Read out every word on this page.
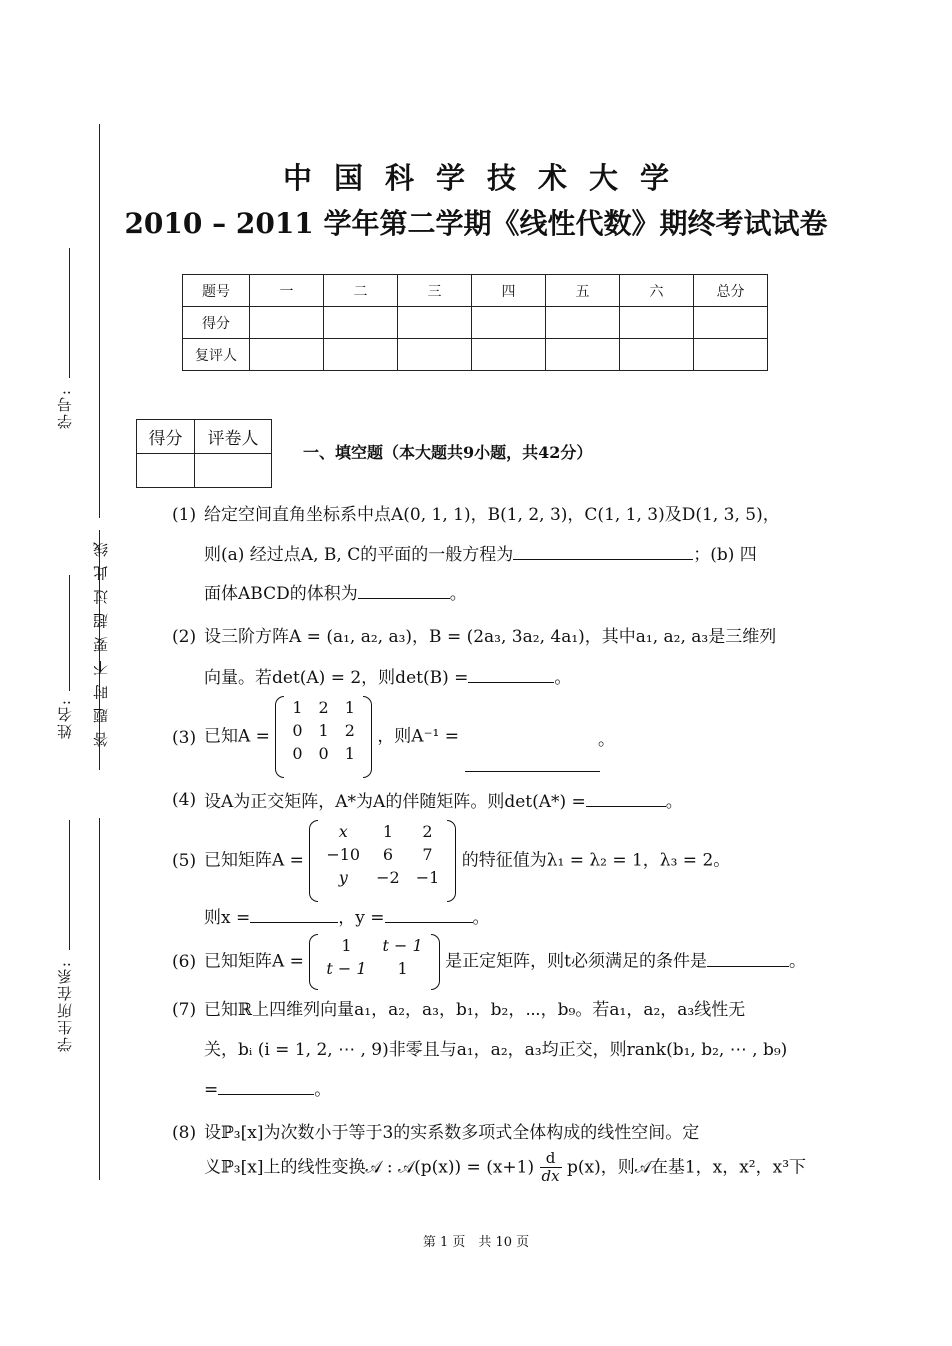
答 题 时 不 要 超 过 此 线
学号:
姓名:
学生所在系:
中国科学技术大学
2010 – 2011 学年第二学期《线性代数》期终考试试卷
题号	一	二	三	四	五	六	总分
得分							
复评人							
得分	评卷人

一、填空题（本大题共9小题，共42分）
(1) 给定空间直角坐标系中点A(0, 1, 1)，B(1, 2, 3)，C(1, 1, 3)及D(1, 3, 5)，
则(a) 经过点A, B, C的平面的一般方程为	；(b) 四
面体ABCD的体积为	。
(2) 设三阶方阵A = (a₁, a₂, a₃)，B = (2a₃, 3a₂, 4a₁)，其中a₁, a₂, a₃是三维列
向量。若det(A) = 2，则det(B) =	。
(3) 已知A =
1	2	1
0	1	2
0	0	1
，则A⁻¹ =	。
(4) 设A为正交矩阵，A*为A的伴随矩阵。则det(A*) =	。
(5) 已知矩阵A =
x	1	2
−10	6	7
y	−2	−1
的特征值为λ₁ = λ₂ = 1，λ₃ = 2。
则x =	，y =	。
(6) 已知矩阵A =
1	t − 1
t − 1	1 是正定矩阵，则t必须满足的条件是	。
(7) 已知ℝ上四维列向量a₁，a₂，a₃，b₁，b₂，⋯，b₉。若a₁，a₂，a₃线性无
关，bᵢ (i = 1, 2, ⋯ , 9)非零且与a₁，a₂，a₃均正交，则rank(b₁, b₂, ⋯ , b₉)
=	。
(8) 设ℙ₃[x]为次数小于等于3的实系数多项式全体构成的线性空间。定
义ℙ₃[x]上的线性变换𝒜 : 𝒜(p(x)) = $(x+1) \frac{d}{dx} p(x)$，则𝒜在基1，x，x²，x³下
第 1 页　共 10 页
